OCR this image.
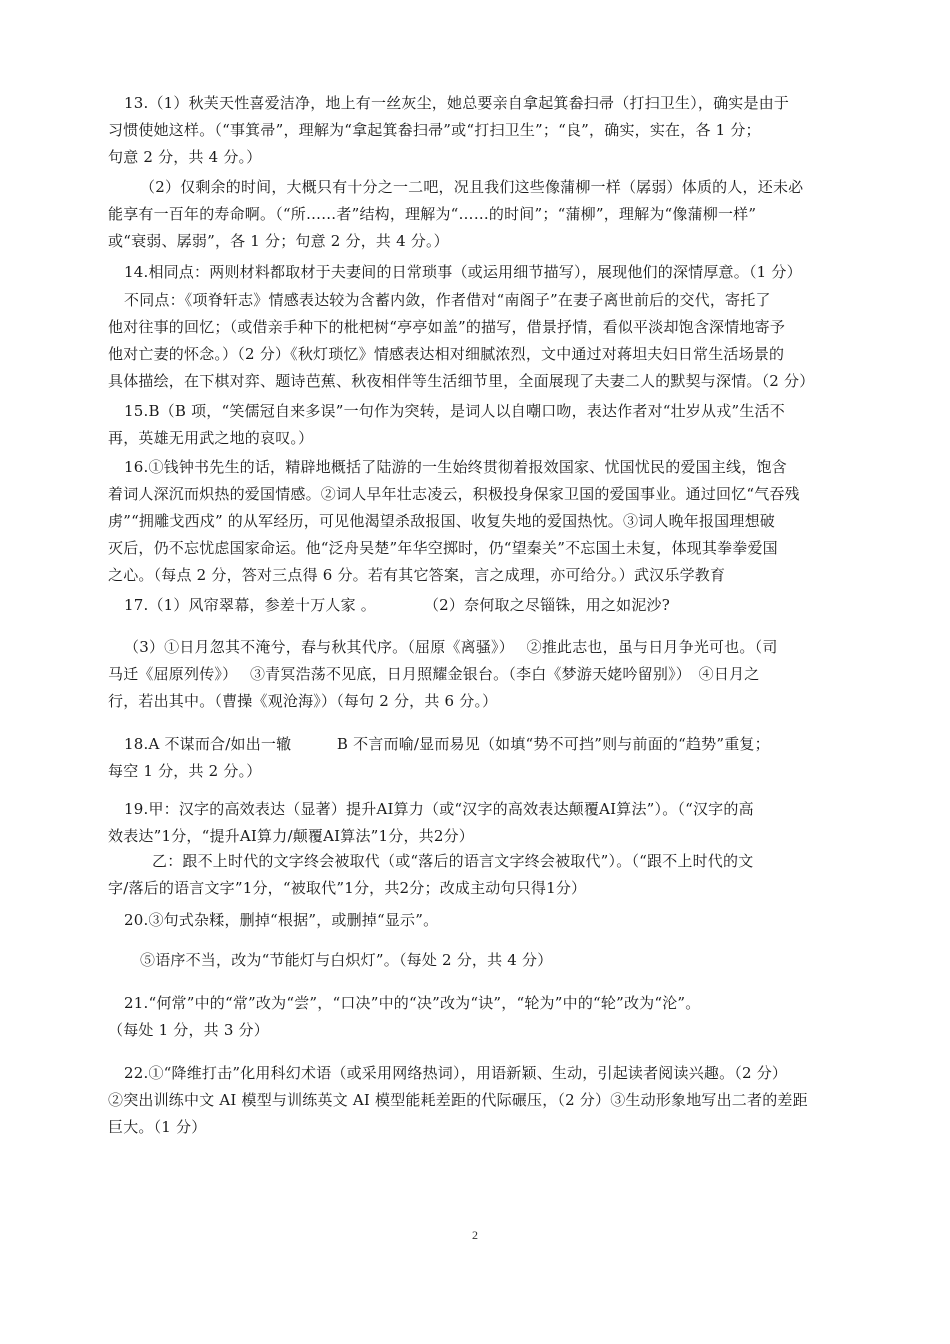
13.（1）秋芙天性喜爱洁净，地上有一丝灰尘，她总要亲自拿起箕畚扫帚（打扫卫生），确实是由于
习惯使她这样。（“事箕帚”，理解为“拿起箕畚扫帚”或“打扫卫生”；“良”，确实，实在，各 1 分；
句意 2 分，共 4 分。）

（2）仅剩余的时间，大概只有十分之一二吧，况且我们这些像蒲柳一样（孱弱）体质的人，还未必
能享有一百年的寿命啊。（“所……者”结构，理解为“……的时间”；“蒲柳”，理解为“像蒲柳一样”
或“衰弱、孱弱”，各 1 分；句意 2 分，共 4 分。）

14.相同点：两则材料都取材于夫妻间的日常琐事（或运用细节描写），展现他们的深情厚意。（1 分）

不同点：《项脊轩志》情感表达较为含蓄内敛，作者借对“南阁子”在妻子离世前后的交代，寄托了
他对往事的回忆；（或借亲手种下的枇杷树“亭亭如盖”的描写，借景抒情，看似平淡却饱含深情地寄予
他对亡妻的怀念。）（2 分）《秋灯琐忆》情感表达相对细腻浓烈，文中通过对蒋坦夫妇日常生活场景的
具体描绘，在下棋对弈、题诗芭蕉、秋夜相伴等生活细节里，全面展现了夫妻二人的默契与深情。（2 分）

15.B（B 项，“笑儒冠自来多误”一句作为突转，是词人以自嘲口吻，表达作者对“壮岁从戎”生活不
再，英雄无用武之地的哀叹。）

16.①钱钟书先生的话，精辟地概括了陆游的一生始终贯彻着报效国家、忧国忧民的爱国主线，饱含
着词人深沉而炽热的爱国情感。②词人早年壮志凌云，积极投身保家卫国的爱国事业。通过回忆“气吞残
虏”“拥雕戈西戍” 的从军经历，可见他渴望杀敌报国、收复失地的爱国热忱。③词人晚年报国理想破
灭后，仍不忘忧虑国家命运。他“泛舟吴楚”年华空掷时，仍“望秦关”不忘国土未复，体现其拳拳爱国
之心。（每点 2 分，答对三点得 6 分。若有其它答案，言之成理，亦可给分。）武汉乐学教育

17.（1）风帘翠幕，参差十万人家 。	（2）奈何取之尽锱铢，用之如泥沙?

（3）①日月忽其不淹兮，春与秋其代序。（屈原《离骚》）　 ②推此志也，虽与日月争光可也。（司
马迁《屈原列传》）　 ③青冥浩荡不见底，日月照耀金银台。（李白《梦游天姥吟留别》）　④日月之
行，若出其中。（曹操《观沧海》）（每句 2 分，共 6 分。）

18.A 不谋而合/如出一辙　　　B 不言而喻/显而易见（如填“势不可挡”则与前面的“趋势”重复；
每空 1 分，共 2 分。）

19.甲：汉字的高效表达（显著）提升AI算力（或“汉字的高效表达颠覆AI算法”）。（“汉字的高
效表达”1分，“提升AI算力/颠覆AI算法”1分，共2分）

乙：跟不上时代的文字终会被取代（或“落后的语言文字终会被取代”）。（“跟不上时代的文
字/落后的语言文字”1分，“被取代”1分，共2分；改成主动句只得1分）

20.③句式杂糅，删掉“根据”，或删掉“显示”。

⑤语序不当，改为“节能灯与白炽灯”。（每处 2 分，共 4 分）

21.“何常”中的“常”改为“尝”，“口决”中的“决”改为“诀”，“轮为”中的“轮”改为“沦”。
（每处 1 分，共 3 分）

22.①“降维打击”化用科幻术语（或采用网络热词），用语新颖、生动，引起读者阅读兴趣。（2 分）
②突出训练中文 AI 模型与训练英文 AI 模型能耗差距的代际碾压，（2 分）③生动形象地写出二者的差距
巨大。（1 分）

2
